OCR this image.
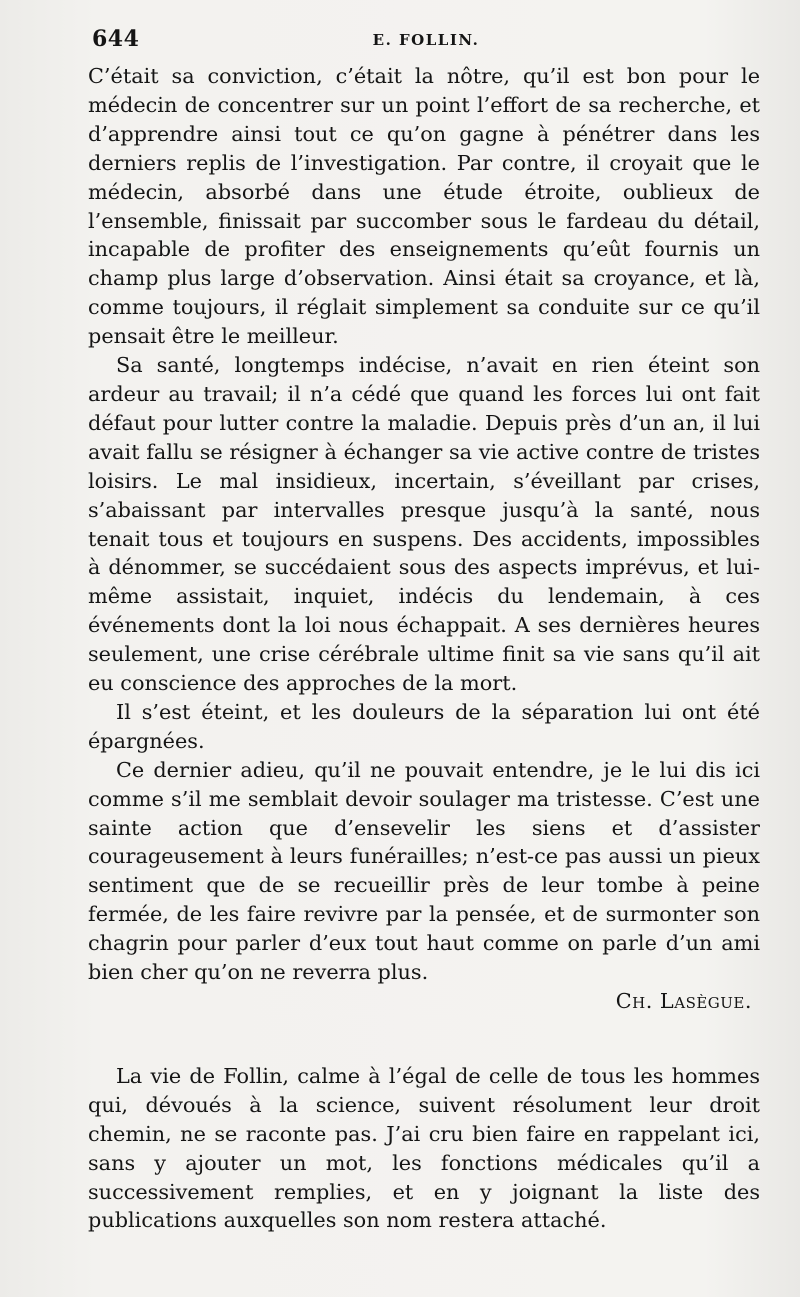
644	E. FOLLIN.

C’était sa conviction, c’était la nôtre, qu’il est bon pour le médecin de concentrer sur un point l’effort de sa recherche, et d’apprendre ainsi tout ce qu’on gagne à pénétrer dans les derniers replis de l’investigation. Par contre, il croyait que le médecin, absorbé dans une étude étroite, oublieux de l’ensemble, finissait par succomber sous le fardeau du détail, incapable de profiter des enseignements qu’eût fournis un champ plus large d’observation. Ainsi était sa croyance, et là, comme toujours, il réglait simplement sa conduite sur ce qu’il pensait être le meilleur.

Sa santé, longtemps indécise, n’avait en rien éteint son ardeur au travail; il n’a cédé que quand les forces lui ont fait défaut pour lutter contre la maladie. Depuis près d’un an, il lui avait fallu se résigner à échanger sa vie active contre de tristes loisirs. Le mal insidieux, incertain, s’éveillant par crises, s’abaissant par intervalles presque jusqu’à la santé, nous tenait tous et toujours en suspens. Des accidents, impossibles à dénommer, se succédaient sous des aspects imprévus, et lui-même assistait, inquiet, indécis du lendemain, à ces événements dont la loi nous échappait. A ses dernières heures seulement, une crise cérébrale ultime finit sa vie sans qu’il ait eu conscience des approches de la mort.

Il s’est éteint, et les douleurs de la séparation lui ont été épargnées.

Ce dernier adieu, qu’il ne pouvait entendre, je le lui dis ici comme s’il me semblait devoir soulager ma tristesse. C’est une sainte action que d’ensevelir les siens et d’assister courageusement à leurs funérailles; n’est-ce pas aussi un pieux sentiment que de se recueillir près de leur tombe à peine fermée, de les faire revivre par la pensée, et de surmonter son chagrin pour parler d’eux tout haut comme on parle d’un ami bien cher qu’on ne reverra plus.

Ch. Lasègue.

La vie de Follin, calme à l’égal de celle de tous les hommes qui, dévoués à la science, suivent résolument leur droit chemin, ne se raconte pas. J’ai cru bien faire en rappelant ici, sans y ajouter un mot, les fonctions médicales qu’il a successivement remplies, et en y joignant la liste des publications auxquelles son nom restera attaché.
